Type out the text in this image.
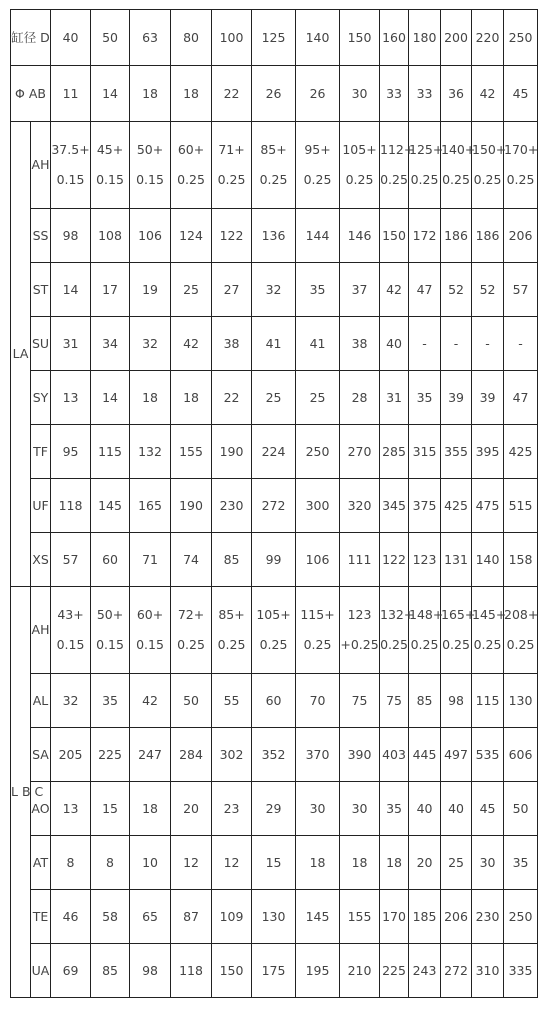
缸径 D		40	50	63	80	100	125	140	150	160	180	200	220	250
Φ AB		11	14	18	18	22	26	26	30	33	33	36	42	45
LA	AH	37.5+ 0.15	45+ 0.15	50+ 0.15	60+ 0.25	71+ 0.25	85+ 0.25	95+ 0.25	105+ 0.25	112+ 0.25	125+ 0.25	140+ 0.25	150+ 0.25	170+ 0.25
	SS	98	108	106	124	122	136	144	146	150	172	186	186	206
	ST	14	17	19	25	27	32	35	37	42	47	52	52	57
	SU	31	34	32	42	38	41	41	38	40	-	-	-	-
	SY	13	14	18	18	22	25	25	28	31	35	39	39	47
	TF	95	115	132	155	190	224	250	270	285	315	355	395	425
	UF	118	145	165	190	230	272	300	320	345	375	425	475	515
	XS	57	60	71	74	85	99	106	111	122	123	131	140	158
L B C	AH	43+ 0.15	50+ 0.15	60+ 0.15	72+ 0.25	85+ 0.25	105+ 0.25	115+ 0.25	123 +0.25	132+ 0.25	148+ 0.25	165+ 0.25	145+ 0.25	208+ 0.25
	AL	32	35	42	50	55	60	70	75	75	85	98	115	130
	SA	205	225	247	284	302	352	370	390	403	445	497	535	606
	AO	13	15	18	20	23	29	30	30	35	40	40	45	50
	AT	8	8	10	12	12	15	18	18	18	20	25	30	35
	TE	46	58	65	87	109	130	145	155	170	185	206	230	250
	UA	69	85	98	118	150	175	195	210	225	243	272	310	335
